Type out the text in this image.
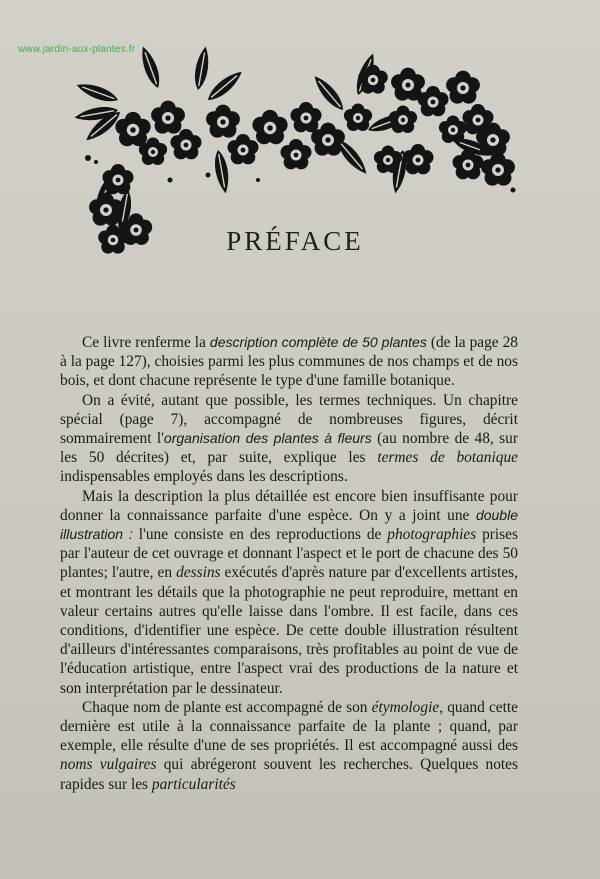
www.jardin-aux-plantes.fr
PRÉFACE

Ce livre renferme la description complète de 50 plantes (de la page 28 à la page 127), choisies parmi les plus communes de nos champs et de nos bois, et dont chacune représente le type d'une famille botanique.

On a évité, autant que possible, les termes techniques. Un chapitre spécial (page 7), accompagné de nombreuses figures, décrit sommairement l'organisation des plantes à fleurs (au nombre de 48, sur les 50 décrites) et, par suite, explique les termes de botanique indispensables employés dans les descriptions.

Mais la description la plus détaillée est encore bien insuffisante pour donner la connaissance parfaite d'une espèce. On y a joint une double illustration : l'une consiste en des reproductions de photographies prises par l'auteur de cet ouvrage et donnant l'aspect et le port de chacune des 50 plantes; l'autre, en dessins exécutés d'après nature par d'excellents artistes, et montrant les détails que la photographie ne peut reproduire, mettant en valeur certains autres qu'elle laisse dans l'ombre. Il est facile, dans ces conditions, d'identifier une espèce. De cette double illustration résultent d'ailleurs d'intéressantes comparaisons, très profitables au point de vue de l'éducation artistique, entre l'aspect vrai des productions de la nature et son interprétation par le dessinateur.

Chaque nom de plante est accompagné de son étymologie, quand cette dernière est utile à la connaissance parfaite de la plante ; quand, par exemple, elle résulte d'une de ses propriétés. Il est accompagné aussi des noms vulgaires qui abrégeront souvent les recherches. Quelques notes rapides sur les particularités
